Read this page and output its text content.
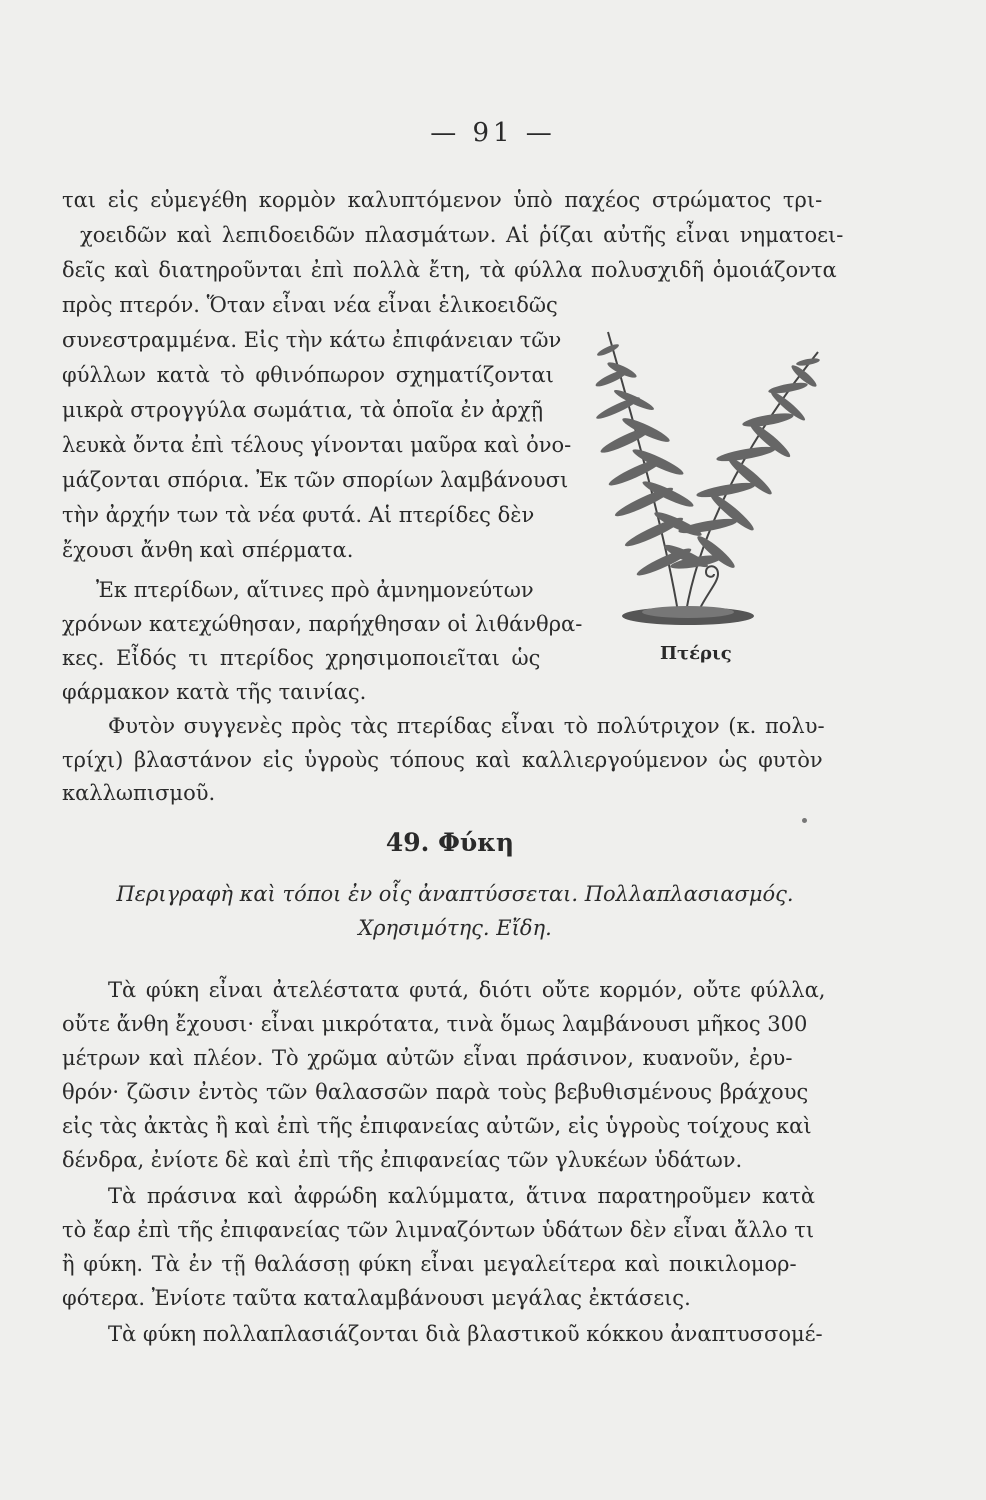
— 91 —
ται εἰς εὐμεγέθη κορμὸν καλυπτόμενον ὑπὸ παχέος στρώματος τρι-
χοειδῶν καὶ λεπιδοειδῶν πλασμάτων. Αἱ ῥίζαι αὐτῆς εἶναι νηματοει-
δεῖς καὶ διατηροῦνται ἐπὶ πολλὰ ἔτη, τὰ φύλλα πολυσχιδῆ ὁμοιάζοντα
πρὸς πτερόν. Ὅταν εἶναι νέα εἶναι ἑλικοειδῶς
συνεστραμμένα. Εἰς τὴν κάτω ἐπιφάνειαν τῶν
φύλλων κατὰ τὸ φθινόπωρον σχηματίζονται
μικρὰ στρογγύλα σωμάτια, τὰ ὁποῖα ἐν ἀρχῇ
λευκὰ ὄντα ἐπὶ τέλους γίνονται μαῦρα καὶ ὀνο-
μάζονται σπόρια. Ἐκ τῶν σπορίων λαμβάνουσι
τὴν ἀρχήν των τὰ νέα φυτά. Αἱ πτερίδες δὲν
ἔχουσι ἄνθη καὶ σπέρματα.
Ἐκ πτερίδων, αἵτινες πρὸ ἀμνημονεύτων
χρόνων κατεχώθησαν, παρήχθησαν οἱ λιθάνθρα-
κες. Εἶδός τι πτερίδος χρησιμοποιεῖται ὡς
φάρμακον κατὰ τῆς ταινίας.
Φυτὸν συγγενὲς πρὸς τὰς πτερίδας εἶναι τὸ πολύτριχον (κ. πολυ-
τρίχι) βλαστάνον εἰς ὑγροὺς τόπους καὶ καλλιεργούμενον ὡς φυτὸν
καλλωπισμοῦ.
Πτέρις
49. Φύκη
Περιγραφὴ καὶ τόποι ἐν οἷς ἀναπτύσσεται. Πολλαπλασιασμός.
Χρησιμότης. Εἴδη.
Τὰ φύκη εἶναι ἀτελέστατα φυτά, διότι οὔτε κορμόν, οὔτε φύλλα,
οὔτε ἄνθη ἔχουσι· εἶναι μικρότατα, τινὰ ὅμως λαμβάνουσι μῆκος 300
μέτρων καὶ πλέον. Τὸ χρῶμα αὐτῶν εἶναι πράσινον, κυανοῦν, ἐρυ-
θρόν· ζῶσιν ἐντὸς τῶν θαλασσῶν παρὰ τοὺς βεβυθισμένους βράχους
εἰς τὰς ἀκτὰς ἢ καὶ ἐπὶ τῆς ἐπιφανείας αὐτῶν, εἰς ὑγροὺς τοίχους καὶ
δένδρα, ἐνίοτε δὲ καὶ ἐπὶ τῆς ἐπιφανείας τῶν γλυκέων ὑδάτων.
Τὰ πράσινα καὶ ἀφρώδη καλύμματα, ἅτινα παρατηροῦμεν κατὰ
τὸ ἔαρ ἐπὶ τῆς ἐπιφανείας τῶν λιμναζόντων ὑδάτων δὲν εἶναι ἄλλο τι
ἢ φύκη. Τὰ ἐν τῇ θαλάσσῃ φύκη εἶναι μεγαλείτερα καὶ ποικιλομορ-
φότερα. Ἐνίοτε ταῦτα καταλαμβάνουσι μεγάλας ἐκτάσεις.
Τὰ φύκη πολλαπλασιάζονται διὰ βλαστικοῦ κόκκου ἀναπτυσσομέ-
